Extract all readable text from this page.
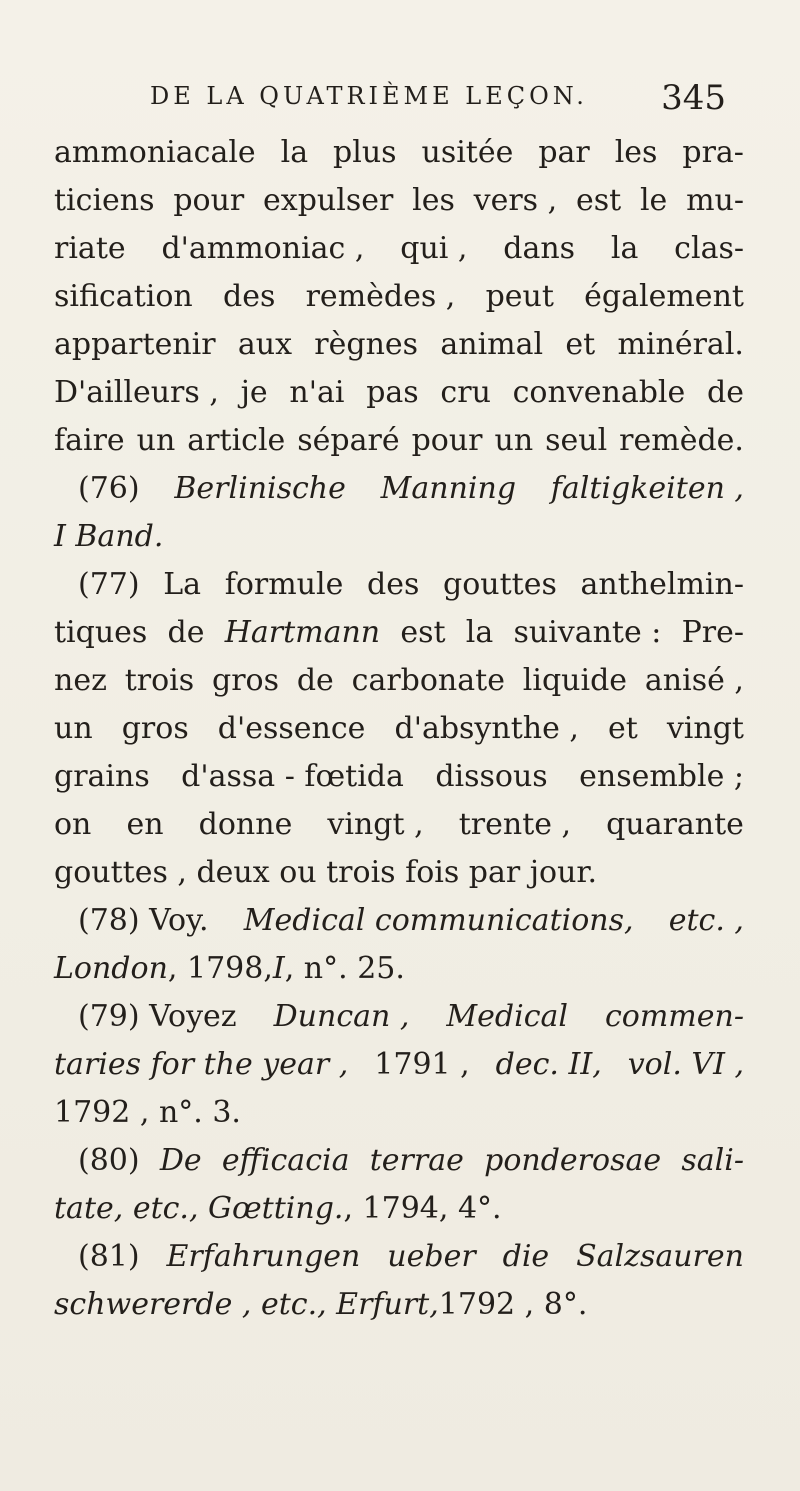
DE LA QUATRIÈME LEÇON. 345
ammoniacale la plus usitée par les pra-
ticiens pour expulser les vers , est le mu-
riate d'ammoniac , qui , dans la clas-
sification des remèdes , peut également
appartenir aux règnes animal et minéral.
D'ailleurs , je n'ai pas cru convenable de
faire un article séparé pour un seul remède.
(76) Berlinische Manning faltigkeiten ,
I Band.
(77) La formule des gouttes anthelmin-
tiques de Hartmann est la suivante : Pre-
nez trois gros de carbonate liquide anisé ,
un gros d'essence d'absynthe , et vingt
grains d'assa - fœtida dissous ensemble ;
on en donne vingt , trente , quarante
gouttes , deux ou trois fois par jour.
(78) Voy. Medical communications, etc. ,
London , 1798, I , n°. 25.
(79) Voyez Duncan , Medical commen-
taries for the year , 1791 , dec. II, vol. VI ,
1792 , n°. 3.
(80) De efficacia terrae ponderosae sali-
tate, etc., Gœtting. , 1794, 4°.
(81) Erfahrungen ueber die Salzsauren
schwererde , etc., Erfurt, 1792 , 8°.
